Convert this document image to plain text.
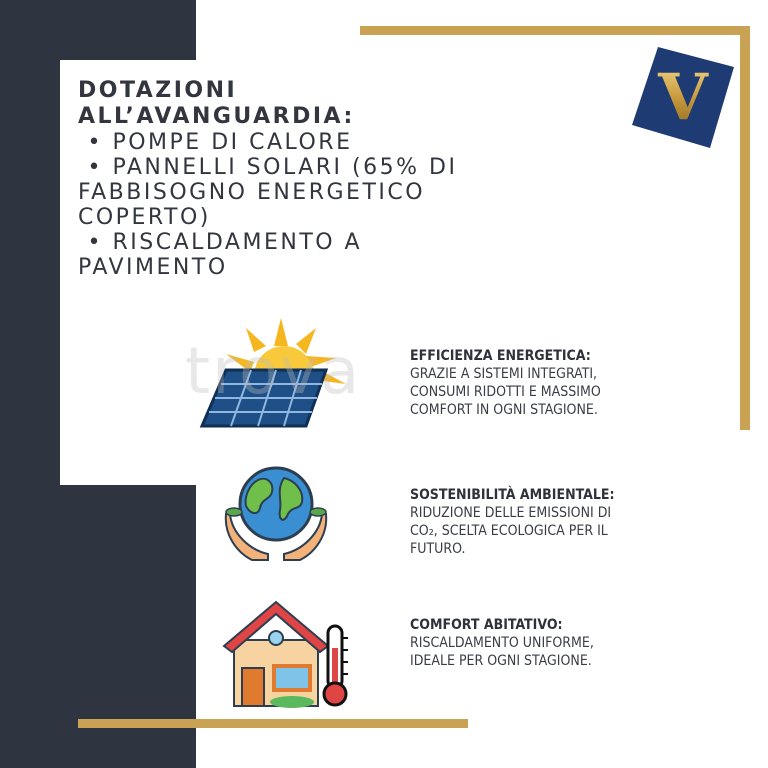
V
DOTAZIONI
ALL’AVANGUARDIA:
• POMPE DI CALORE
• PANNELLI SOLARI (65% DI
FABBISOGNO ENERGETICO
COPERTO)
• RISCALDAMENTO A
PAVIMENTO
trova	EFFICIENZA ENERGETICA:
GRAZIE A SISTEMI INTEGRATI,
CONSUMI RIDOTTI E MASSIMO
COMFORT IN OGNI STAGIONE.
SOSTENIBILITÀ AMBIENTALE:
RIDUZIONE DELLE EMISSIONI DI
CO₂, SCELTA ECOLOGICA PER IL
FUTURO.
COMFORT ABITATIVO:
RISCALDAMENTO UNIFORME,
IDEALE PER OGNI STAGIONE.
